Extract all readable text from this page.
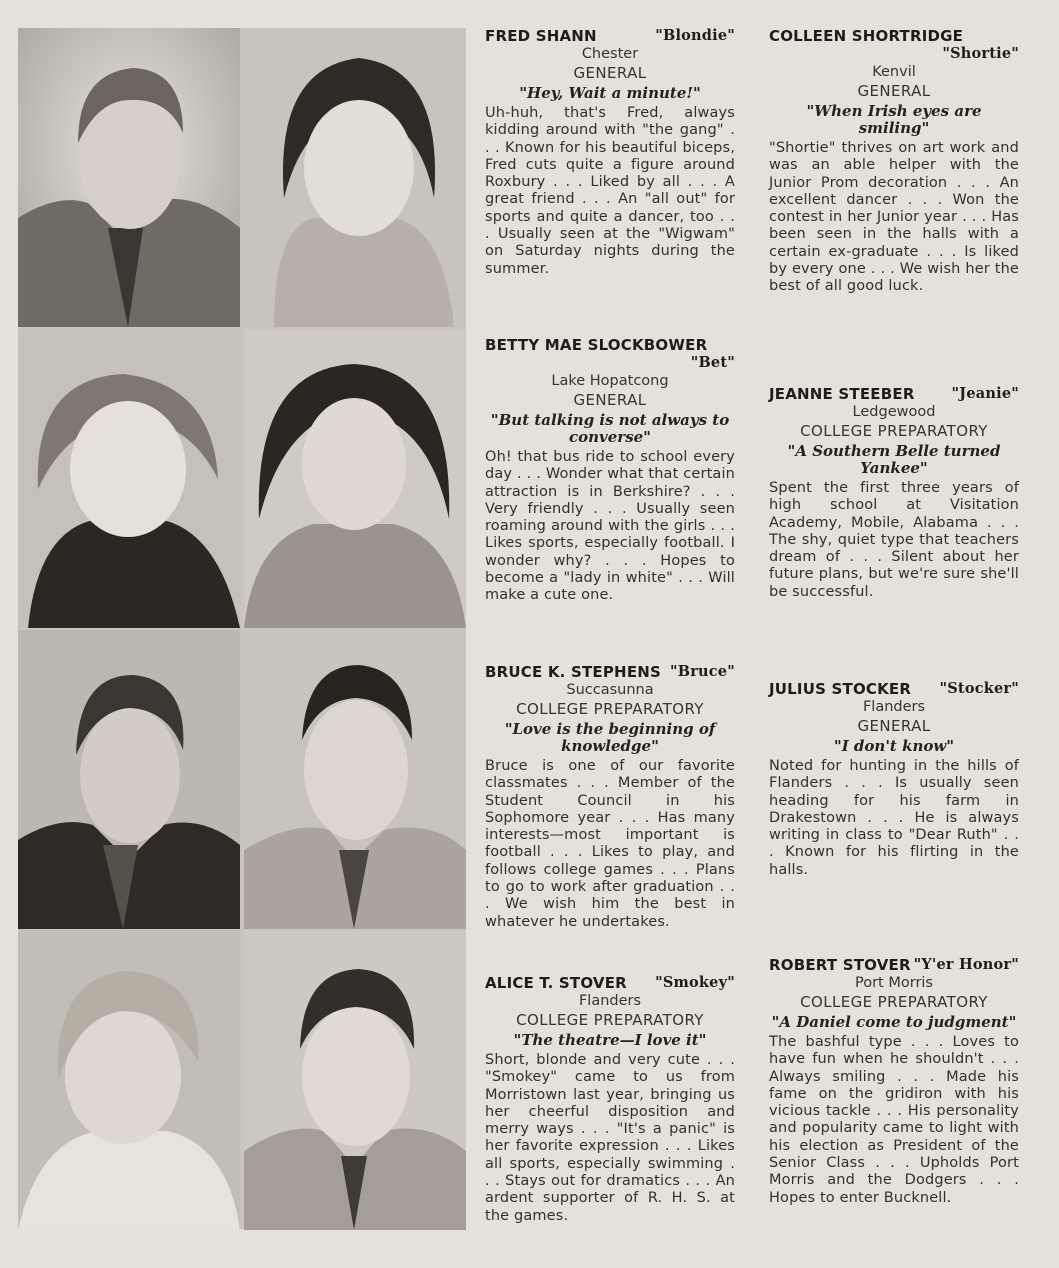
FRED SHANN	"Blondie"
Chester
GENERAL
"Hey, Wait a minute!"
Uh-huh, that's Fred, always kidding around with "the gang" . . . Known for his beautiful biceps, Fred cuts quite a figure around Roxbury . . . Liked by all . . . A great friend . . . An "all out" for sports and quite a dancer, too . . . Usually seen at the "Wigwam" on Saturday nights during the summer.
COLLEEN SHORTRIDGE
"Shortie"
Kenvil
GENERAL
"When Irish eyes are smiling"
"Shortie" thrives on art work and was an able helper with the Junior Prom decoration . . . An excellent dancer . . . Won the contest in her Junior year . . . Has been seen in the halls with a certain ex-graduate . . . Is liked by every one . . . We wish her the best of all good luck.
BETTY MAE SLOCKBOWER
"Bet"
Lake Hopatcong
GENERAL
"But talking is not always to converse"
Oh! that bus ride to school every day . . . Wonder what that certain attraction is in Berkshire? . . . Very friendly . . . Usually seen roaming around with the girls . . . Likes sports, especially football. I wonder why? . . . Hopes to become a "lady in white" . . . Will make a cute one.
JEANNE STEEBER	"Jeanie"
Ledgewood
COLLEGE PREPARATORY
"A Southern Belle turned Yankee"
Spent the first three years of high school at Visitation Academy, Mobile, Alabama . . . The shy, quiet type that teachers dream of . . . Silent about her future plans, but we're sure she'll be successful.
BRUCE K. STEPHENS "Bruce"
Succasunna
COLLEGE PREPARATORY
"Love is the beginning of knowledge"
Bruce is one of our favorite classmates . . . Member of the Student Council in his Sophomore year . . . Has many interests—most important is football . . . Likes to play, and follows college games . . . Plans to go to work after graduation . . . We wish him the best in whatever he undertakes.
JULIUS STOCKER "Stocker"
Flanders
GENERAL
"I don't know"
Noted for hunting in the hills of Flanders . . . Is usually seen heading for his farm in Drakestown . . . He is always writing in class to "Dear Ruth" . . . Known for his flirting in the halls.
ALICE T. STOVER "Smokey"
Flanders
COLLEGE PREPARATORY
"The theatre—I love it"
Short, blonde and very cute . . . "Smokey" came to us from Morristown last year, bringing us her cheerful disposition and merry ways . . . "It's a panic" is her favorite expression . . . Likes all sports, especially swimming . . . Stays out for dramatics . . . An ardent supporter of R. H. S. at the games.
ROBERT STOVER "Y'er Honor"
Port Morris
COLLEGE PREPARATORY
"A Daniel come to judgment"
The bashful type . . . Loves to have fun when he shouldn't . . . Always smiling . . . Made his fame on the gridiron with his vicious tackle . . . His personality and popularity came to light with his election as President of the Senior Class . . . Upholds Port Morris and the Dodgers . . . Hopes to enter Bucknell.
